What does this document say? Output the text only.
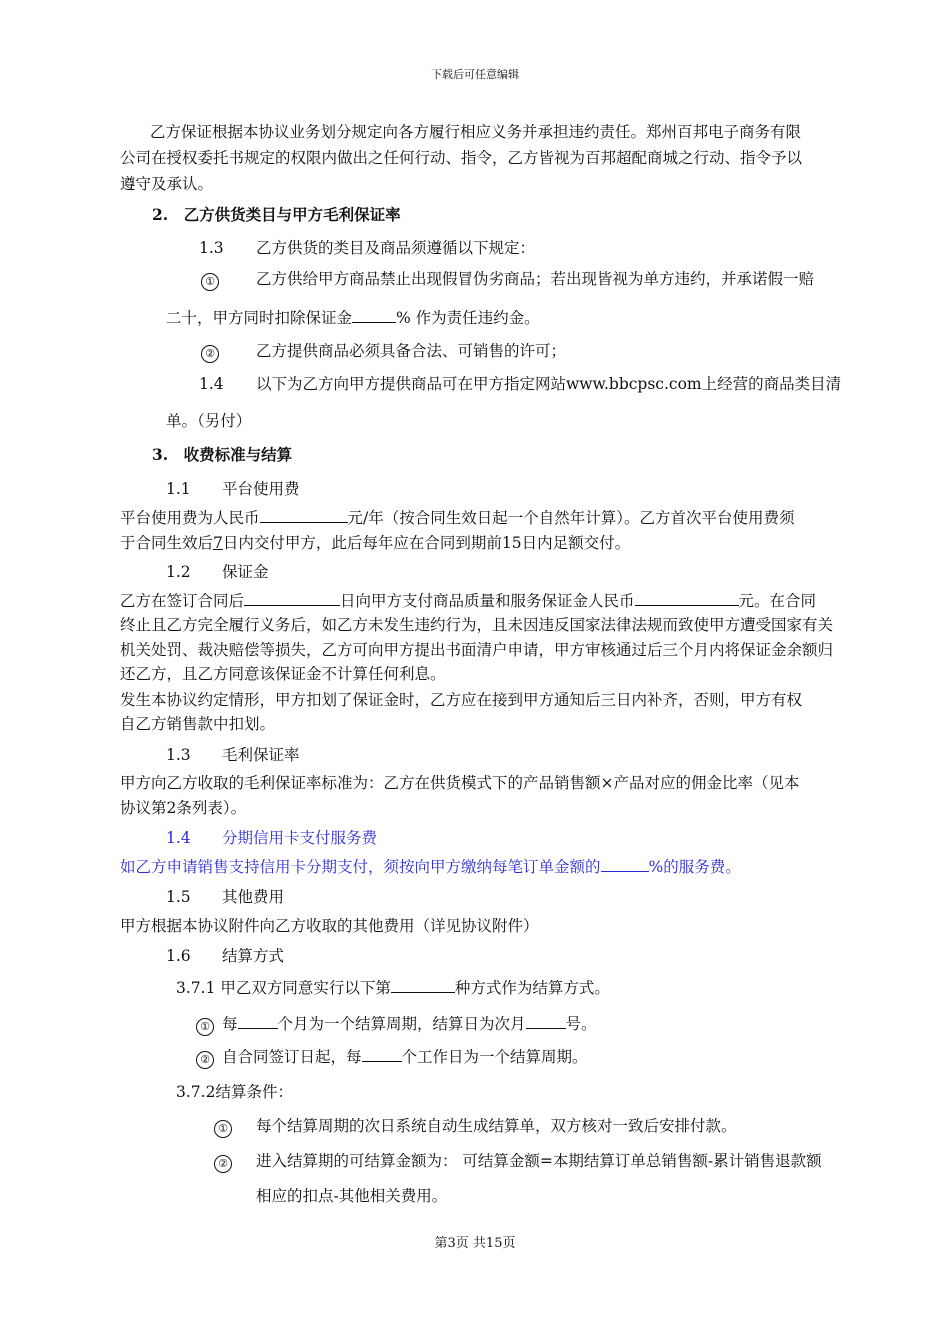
下载后可任意编辑
乙方保证根据本协议业务划分规定向各方履行相应义务并承担违约责任。郑州百邦电子商务有限
公司在授权委托书规定的权限内做出之任何行动、指令，乙方皆视为百邦超配商城之行动、指令予以
遵守及承认。
2.　乙方供货类目与甲方毛利保证率
1.3 乙方供货的类目及商品须遵循以下规定：
①	乙方供给甲方商品禁止出现假冒伪劣商品；若出现皆视为单方违约，并承诺假一赔
二十，甲方同时扣除保证金	% 作为责任违约金。
②	乙方提供商品必须具备合法、可销售的许可；
1.4 以下为乙方向甲方提供商品可在甲方指定网站www.bbcpsc.com上经营的商品类目清
单。（另付）
3.　收费标准与结算
1.1 平台使用费
平台使用费为人民币	元/年（按合同生效日起一个自然年计算）。乙方首次平台使用费须
于合同生效后7日内交付甲方，此后每年应在合同到期前15日内足额交付。
1.2 保证金
乙方在签订合同后	日向甲方支付商品质量和服务保证金人民币	元。在合同
终止且乙方完全履行义务后，如乙方未发生违约行为，且未因违反国家法律法规而致使甲方遭受国家有关
机关处罚、裁决赔偿等损失，乙方可向甲方提出书面清户申请，甲方审核通过后三个月内将保证金余额归
还乙方，且乙方同意该保证金不计算任何利息。
发生本协议约定情形，甲方扣划了保证金时，乙方应在接到甲方通知后三日内补齐，否则，甲方有权
自乙方销售款中扣划。
1.3 毛利保证率
甲方向乙方收取的毛利保证率标准为：乙方在供货模式下的产品销售额×产品对应的佣金比率（见本
协议第2条列表）。
1.4 分期信用卡支付服务费
如乙方申请销售支持信用卡分期支付，须按向甲方缴纳每笔订单金额的	%的服务费。
1.5 其他费用
甲方根据本协议附件向乙方收取的其他费用（详见协议附件）
1.6 结算方式
3.7.1 甲乙双方同意实行以下第	种方式作为结算方式。
① 每	个月为一个结算周期，结算日为次月	号。
② 自合同签订日起，每	个工作日为一个结算周期。
3.7.2结算条件：
① 每个结算周期的次日系统自动生成结算单，双方核对一致后安排付款。
② 进入结算期的可结算金额为： 可结算金额=本期结算订单总销售额-累计销售退款额
相应的扣点-其他相关费用。
第3页 共15页
